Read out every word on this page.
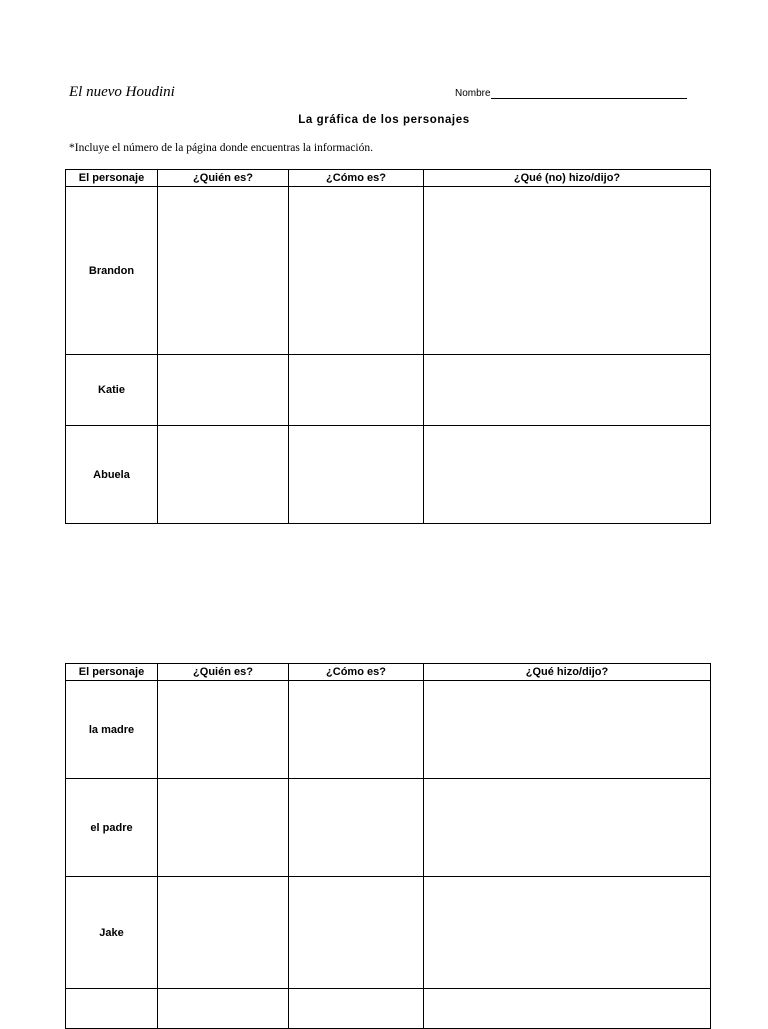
El nuevo Houdini	Nombre
La gráfica de los personajes
*Incluye el número de la página donde encuentras la información.
El personaje	¿Quién es?	¿Cómo es?	¿Qué (no) hizo/dijo?
Brandon			
Katie			
Abuela			
El personaje	¿Quién es?	¿Cómo es?	¿Qué hizo/dijo?
la madre			
el padre			
Jake			
